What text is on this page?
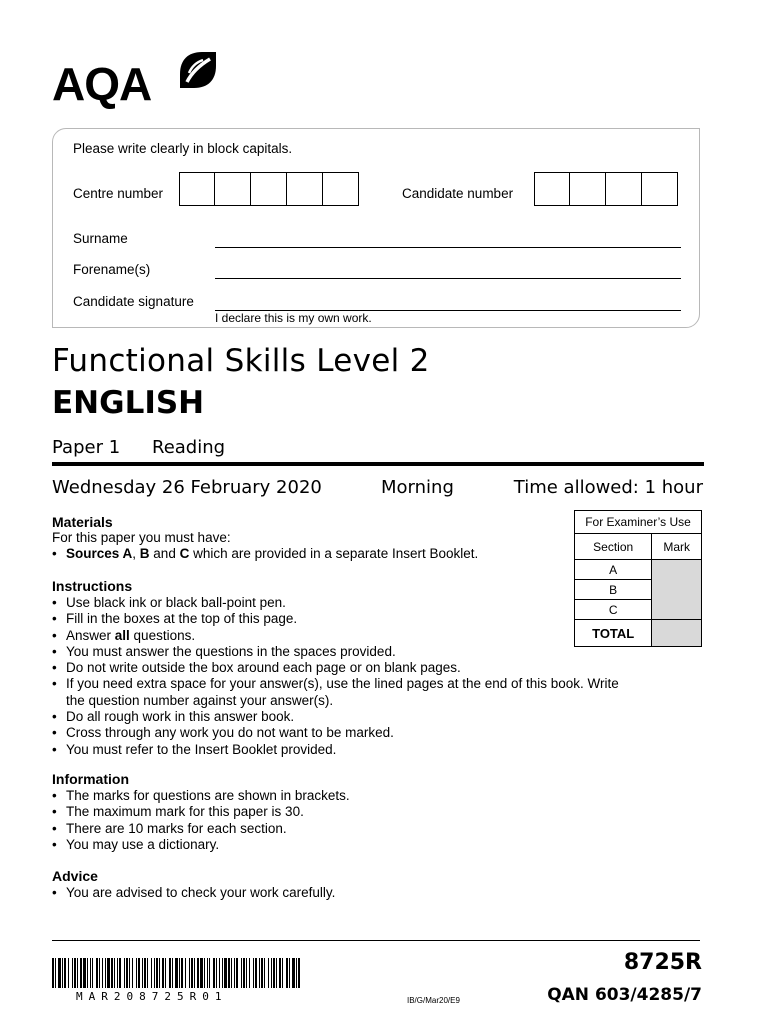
AQA
Please write clearly in block capitals.
Centre number	Candidate number
Surname
Forename(s)
Candidate signature
I declare this is my own work.
Functional Skills Level 2
ENGLISH
Paper 1 Reading
Wednesday 26 February 2020	Morning	Time allowed: 1 hour
Materials
For this paper you must have:
• Sources A, B and C which are provided in a separate Insert Booklet.
Instructions
• Use black ink or black ball-point pen.
• Fill in the boxes at the top of this page.
• Answer all questions.
• You must answer the questions in the spaces provided.
• Do not write outside the box around each page or on blank pages.
• If you need extra space for your answer(s), use the lined pages at the end of this book. Write the question number against your answer(s).
• Do all rough work in this answer book.
• Cross through any work you do not want to be marked.
• You must refer to the Insert Booklet provided.
Information
• The marks for questions are shown in brackets.
• The maximum mark for this paper is 30.
• There are 10 marks for each section.
• You may use a dictionary.
Advice
• You are advised to check your work carefully.
For Examiner’s Use	
Section	Mark
A	
B	
C	
TOTAL	
MAR208725R01	IB/G/Mar20/E9
8725R
QAN 603/4285/7
